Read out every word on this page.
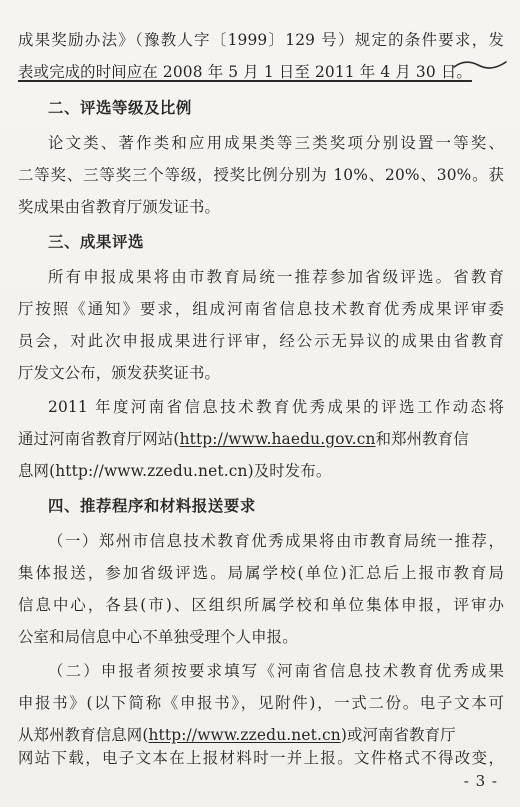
成果奖励办法》（豫教人字〔1999〕129 号）规定的条件要求，发
表或完成的时间应在 2008 年 5 月 1 日至 2011 年 4 月 30 日。
二、评选等级及比例
论文类、著作类和应用成果类等三类奖项分别设置一等奖、
二等奖、三等奖三个等级，授奖比例分别为 10%、20%、30%。获
奖成果由省教育厅颁发证书。
三、成果评选
所有申报成果将由市教育局统一推荐参加省级评选。省教育
厅按照《通知》要求，组成河南省信息技术教育优秀成果评审委
员会，对此次申报成果进行评审，经公示无异议的成果由省教育
厅发文公布，颁发获奖证书。
2011 年度河南省信息技术教育优秀成果的评选工作动态将
通过河南省教育厅网站(http://www.haedu.gov.cn和郑州教育信
息网(http://www.zzedu.net.cn)及时发布。
四、推荐程序和材料报送要求
（一）郑州市信息技术教育优秀成果将由市教育局统一推荐，
集体报送，参加省级评选。局属学校(单位)汇总后上报市教育局
信息中心，各县(市)、区组织所属学校和单位集体申报，评审办
公室和局信息中心不单独受理个人申报。
（二）申报者须按要求填写《河南省信息技术教育优秀成果
申报书》(以下简称《申报书》，见附件)，一式二份。电子文本可
从郑州教育信息网(http://www.zzedu.net.cn)或河南省教育厅
网站下载，电子文本在上报材料时一并上报。文件格式不得改变，
- 3 -
